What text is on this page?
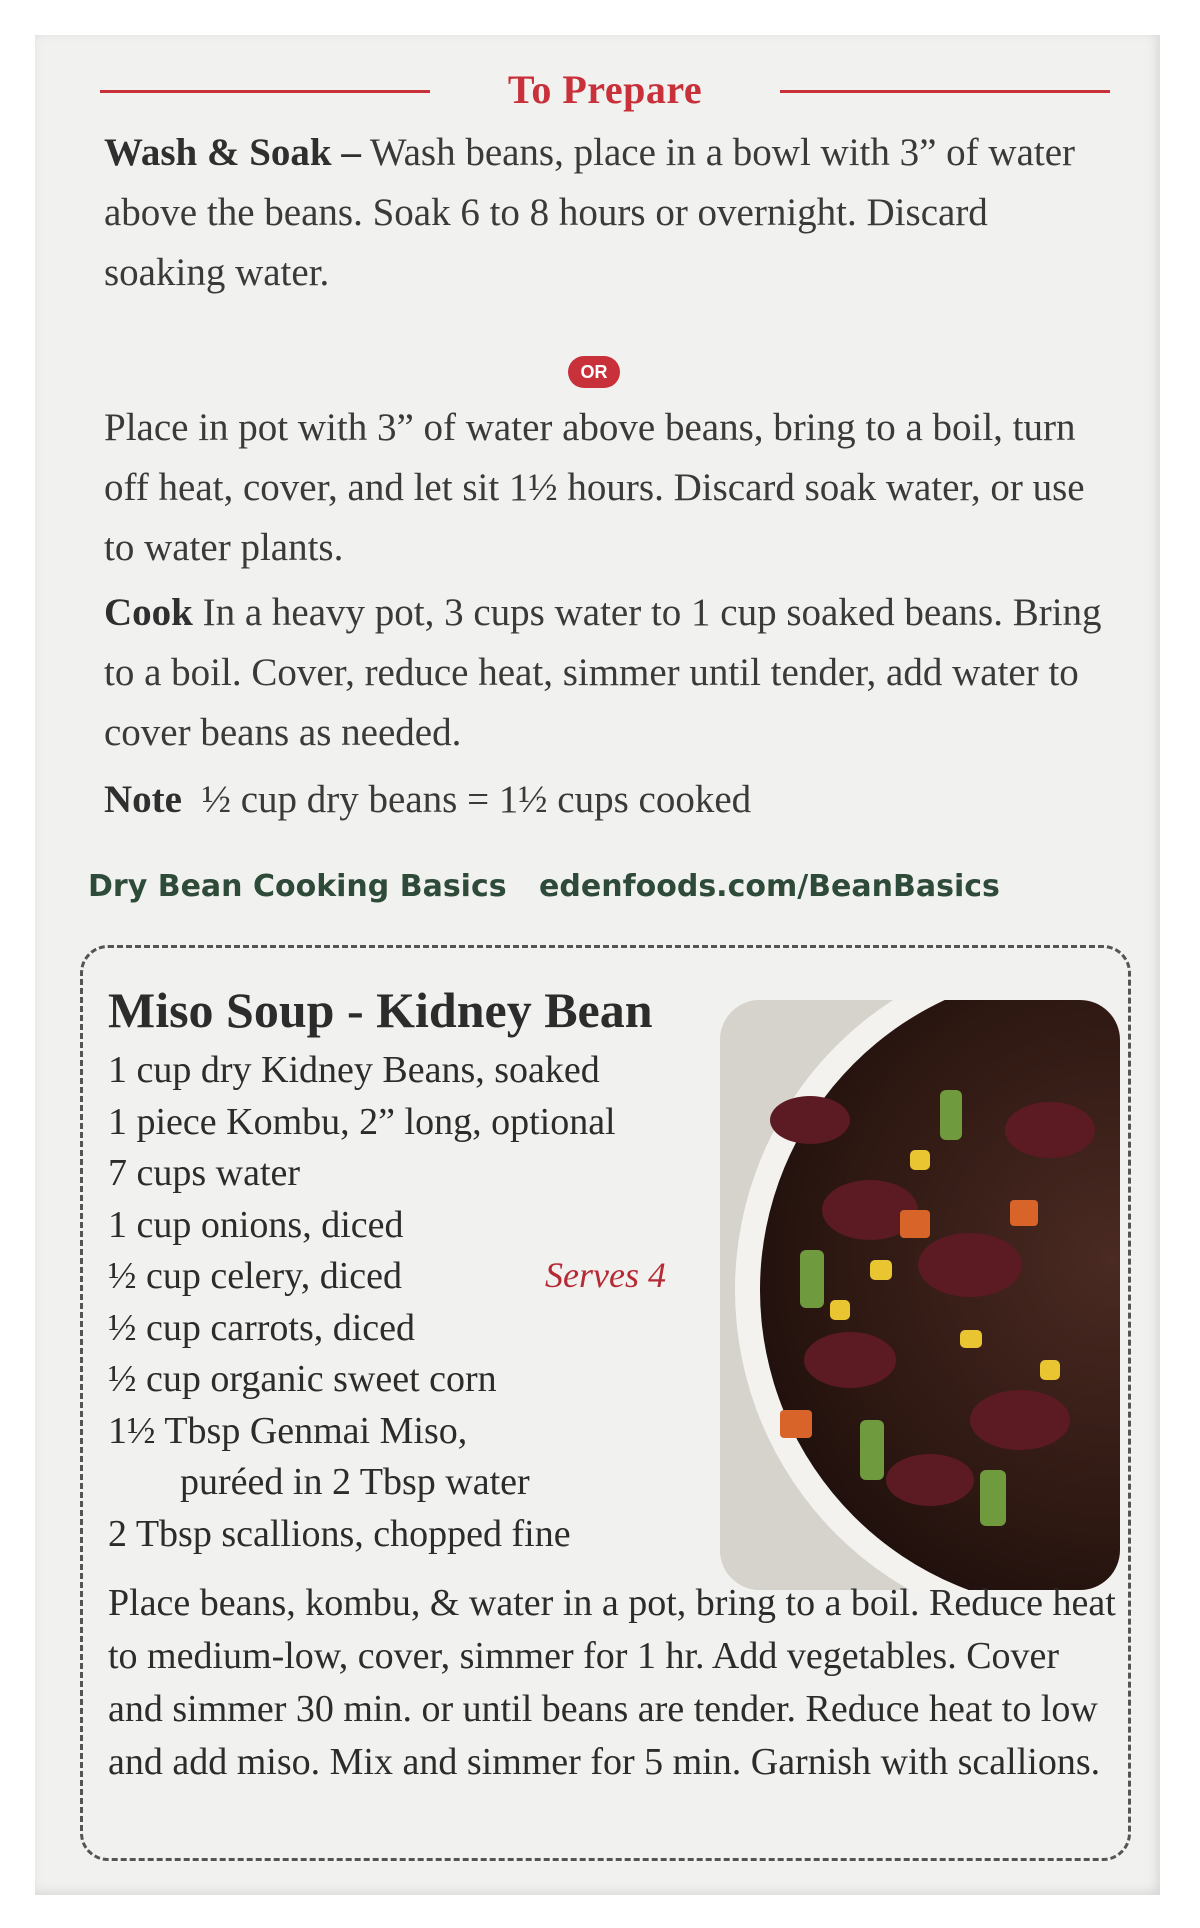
To Prepare
Wash & Soak – Wash beans, place in a bowl with 3” of water above the beans. Soak 6 to 8 hours or overnight. Discard soaking water.
OR
Place in pot with 3” of water above beans, bring to a boil, turn off heat, cover, and let sit 1½ hours. Discard soak water, or use to water plants.
Cook In a heavy pot, 3 cups water to 1 cup soaked beans. Bring to a boil. Cover, reduce heat, simmer until tender, add water to cover beans as needed.
Note ½ cup dry beans = 1½ cups cooked
Dry Bean Cooking Basics edenfoods.com/BeanBasics
Miso Soup - Kidney Bean
1 cup dry Kidney Beans, soaked
1 piece Kombu, 2” long, optional
7 cups water
1 cup onions, diced
½ cup celery, diced
½ cup carrots, diced
½ cup organic sweet corn
1½ Tbsp Genmai Miso,
puréed in 2 Tbsp water
2 Tbsp scallions, chopped fine
Serves 4
Place beans, kombu, & water in a pot, bring to a boil. Reduce heat to medium-low, cover, simmer for 1 hr. Add vegetables. Cover and simmer 30 min. or until beans are tender. Reduce heat to low and add miso. Mix and simmer for 5 min. Garnish with scallions.
